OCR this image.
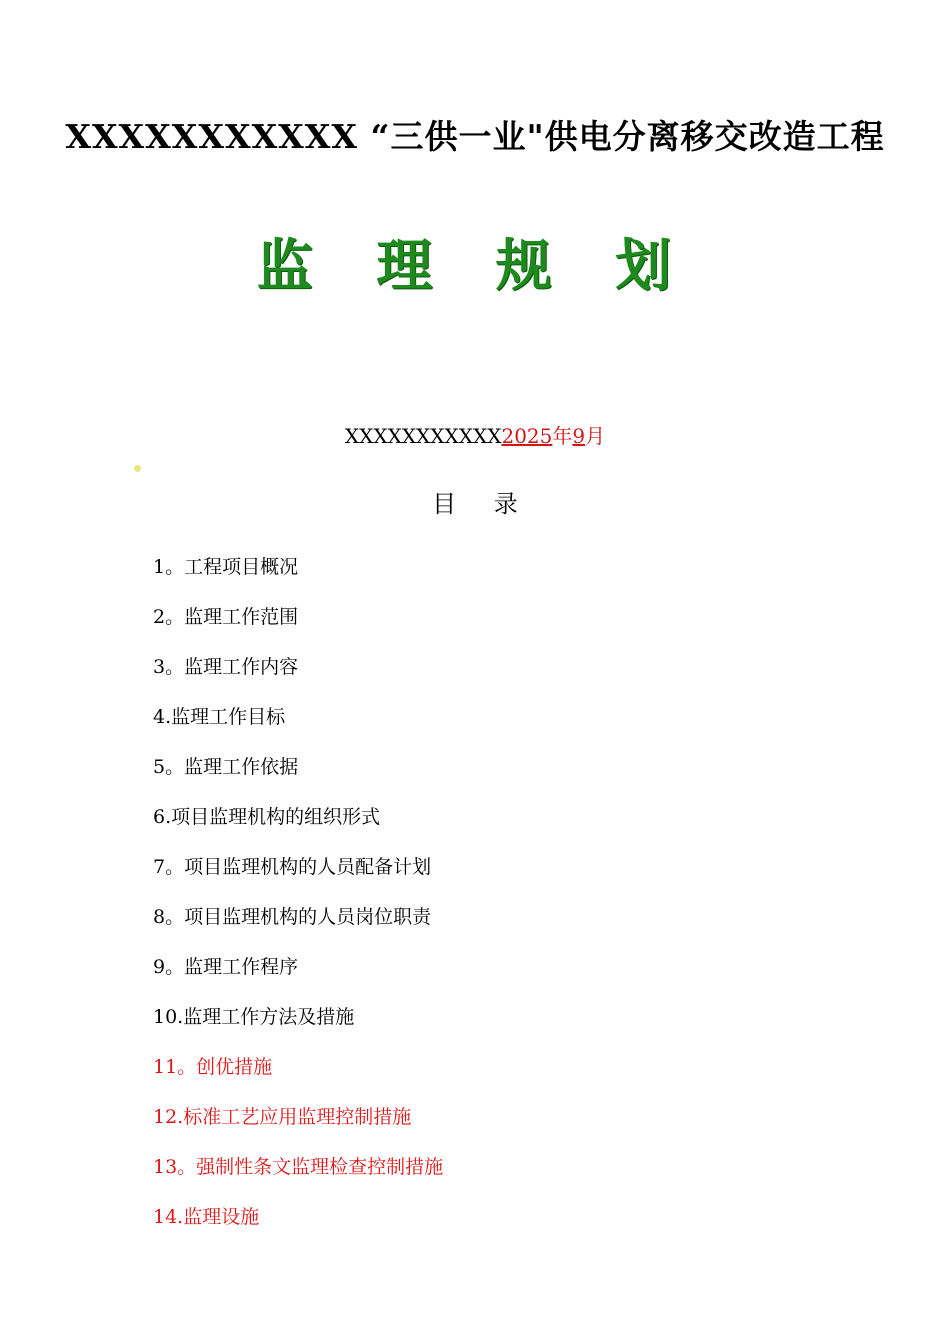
XXXXXXXXXXX “三供一业"供电分离移交改造工程
监 理 规 划
XXXXXXXXXXX2025年9月
目 录
1。工程项目概况
2。监理工作范围
3。监理工作内容
4.监理工作目标
5。监理工作依据
6.项目监理机构的组织形式
7。项目监理机构的人员配备计划
8。项目监理机构的人员岗位职责
9。监理工作程序
10.监理工作方法及措施
11。创优措施
12.标准工艺应用监理控制措施
13。强制性条文监理检查控制措施
14.监理设施
